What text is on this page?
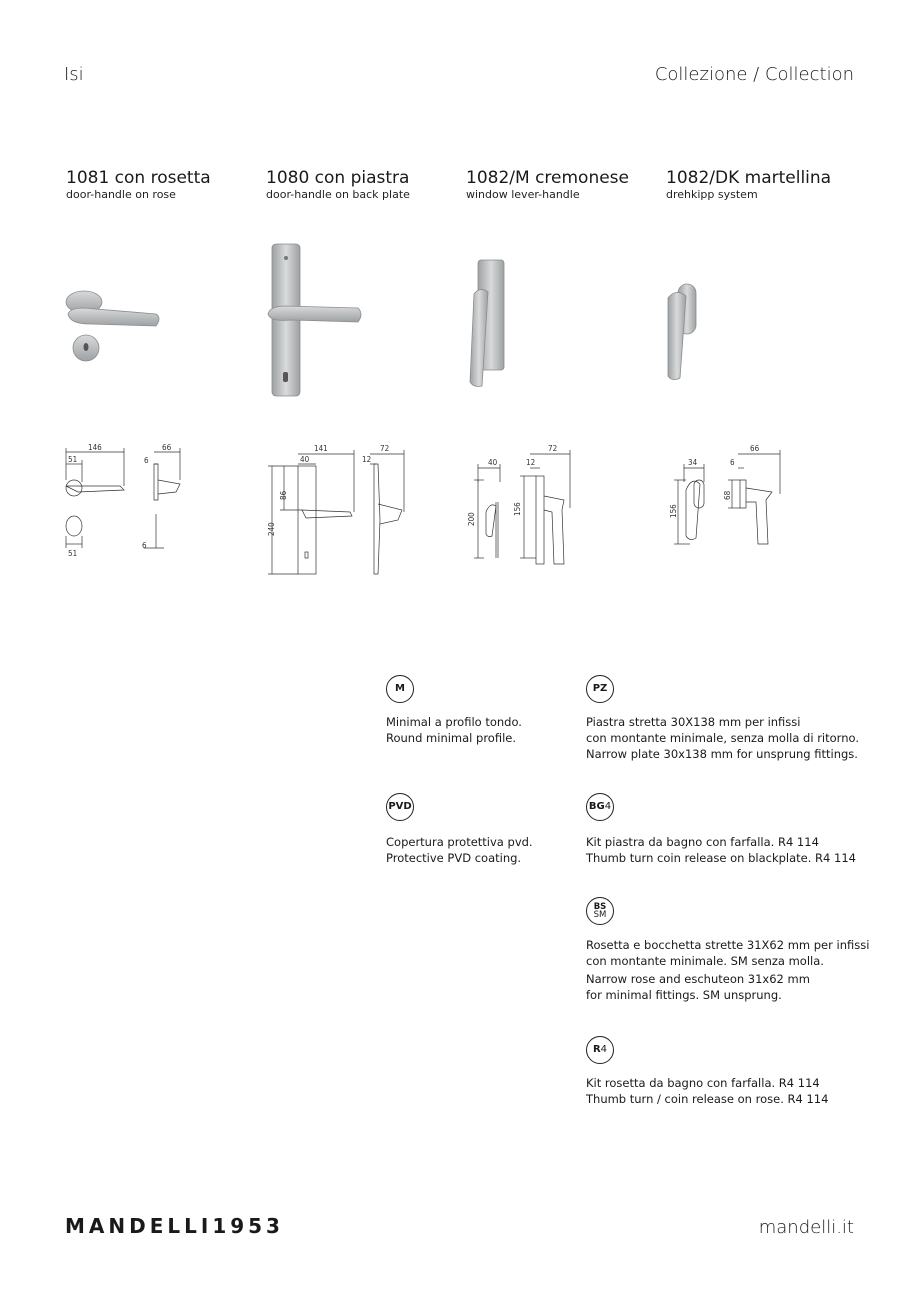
Isi	Collezione / Collection
1081 con rosetta
door-handle on rose
1080 con piastra
door-handle on back plate
1082/M cremonese
window lever-handle
1082/DK martellina
drehkipp system
146
51
66
6
51
6
141
40
72
12
86
240
40
72
12
200
156
34
66
6
68
156
M
Minimal a profilo tondo.
Round minimal profile.
PZ
Piastra stretta 30X138 mm per infissi
con montante minimale, senza molla di ritorno.
Narrow plate 30x138 mm for unsprung fittings.
PVD
Copertura protettiva pvd.
Protective PVD coating.
BG 4
Kit piastra da bagno con farfalla. R4 114
Thumb turn coin release on blackplate. R4 114
BS
SM
Rosetta e bocchetta strette 31X62 mm per infissi
con montante minimale. SM senza molla.
Narrow rose and eschuteon 31x62 mm
for minimal fittings. SM unsprung.
R 4
Kit rosetta da bagno con farfalla. R4 114
Thumb turn / coin release on rose. R4 114
MANDELLI1953	mandelli.it
